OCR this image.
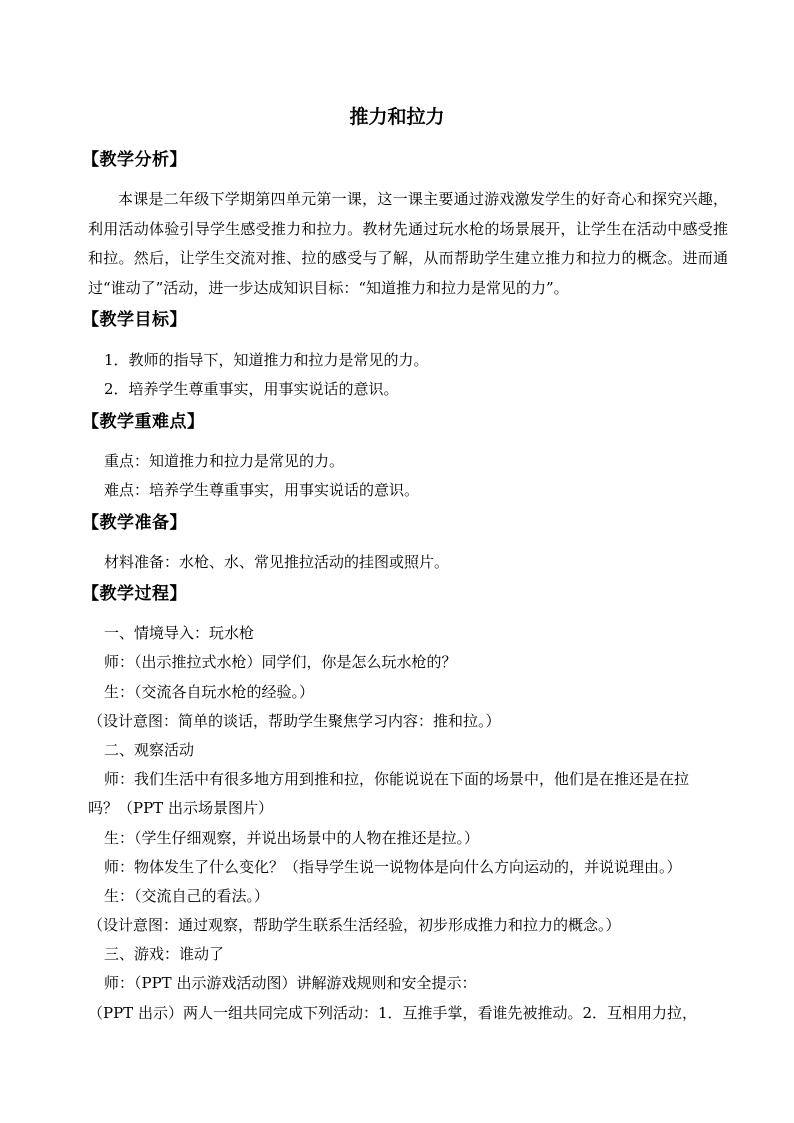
推力和拉力
【教学分析】
本课是二年级下学期第四单元第一课，这一课主要通过游戏激发学生的好奇心和探究兴趣，利用活动体验引导学生感受推力和拉力。教材先通过玩水枪的场景展开，让学生在活动中感受推和拉。然后，让学生交流对推、拉的感受与了解，从而帮助学生建立推力和拉力的概念。进而通过“谁动了”活动，进一步达成知识目标：“知道推力和拉力是常见的力”。
【教学目标】
1．教师的指导下，知道推力和拉力是常见的力。
2．培养学生尊重事实，用事实说话的意识。
【教学重难点】
重点：知道推力和拉力是常见的力。
难点：培养学生尊重事实，用事实说话的意识。
【教学准备】
材料准备：水枪、水、常见推拉活动的挂图或照片。
【教学过程】
一、情境导入：玩水枪
师：（出示推拉式水枪）同学们，你是怎么玩水枪的？
生：（交流各自玩水枪的经验。）
（设计意图：简单的谈话，帮助学生聚焦学习内容：推和拉。）
二、观察活动
师：我们生活中有很多地方用到推和拉，你能说说在下面的场景中，他们是在推还是在拉
吗？（PPT 出示场景图片）
生：（学生仔细观察，并说出场景中的人物在推还是拉。）
师：物体发生了什么变化？（指导学生说一说物体是向什么方向运动的，并说说理由。）
生：（交流自己的看法。）
（设计意图：通过观察，帮助学生联系生活经验，初步形成推力和拉力的概念。）
三、游戏：谁动了
师：（PPT 出示游戏活动图）讲解游戏规则和安全提示：
（PPT 出示）两人一组共同完成下列活动：1．互推手掌，看谁先被推动。2．互相用力拉，
